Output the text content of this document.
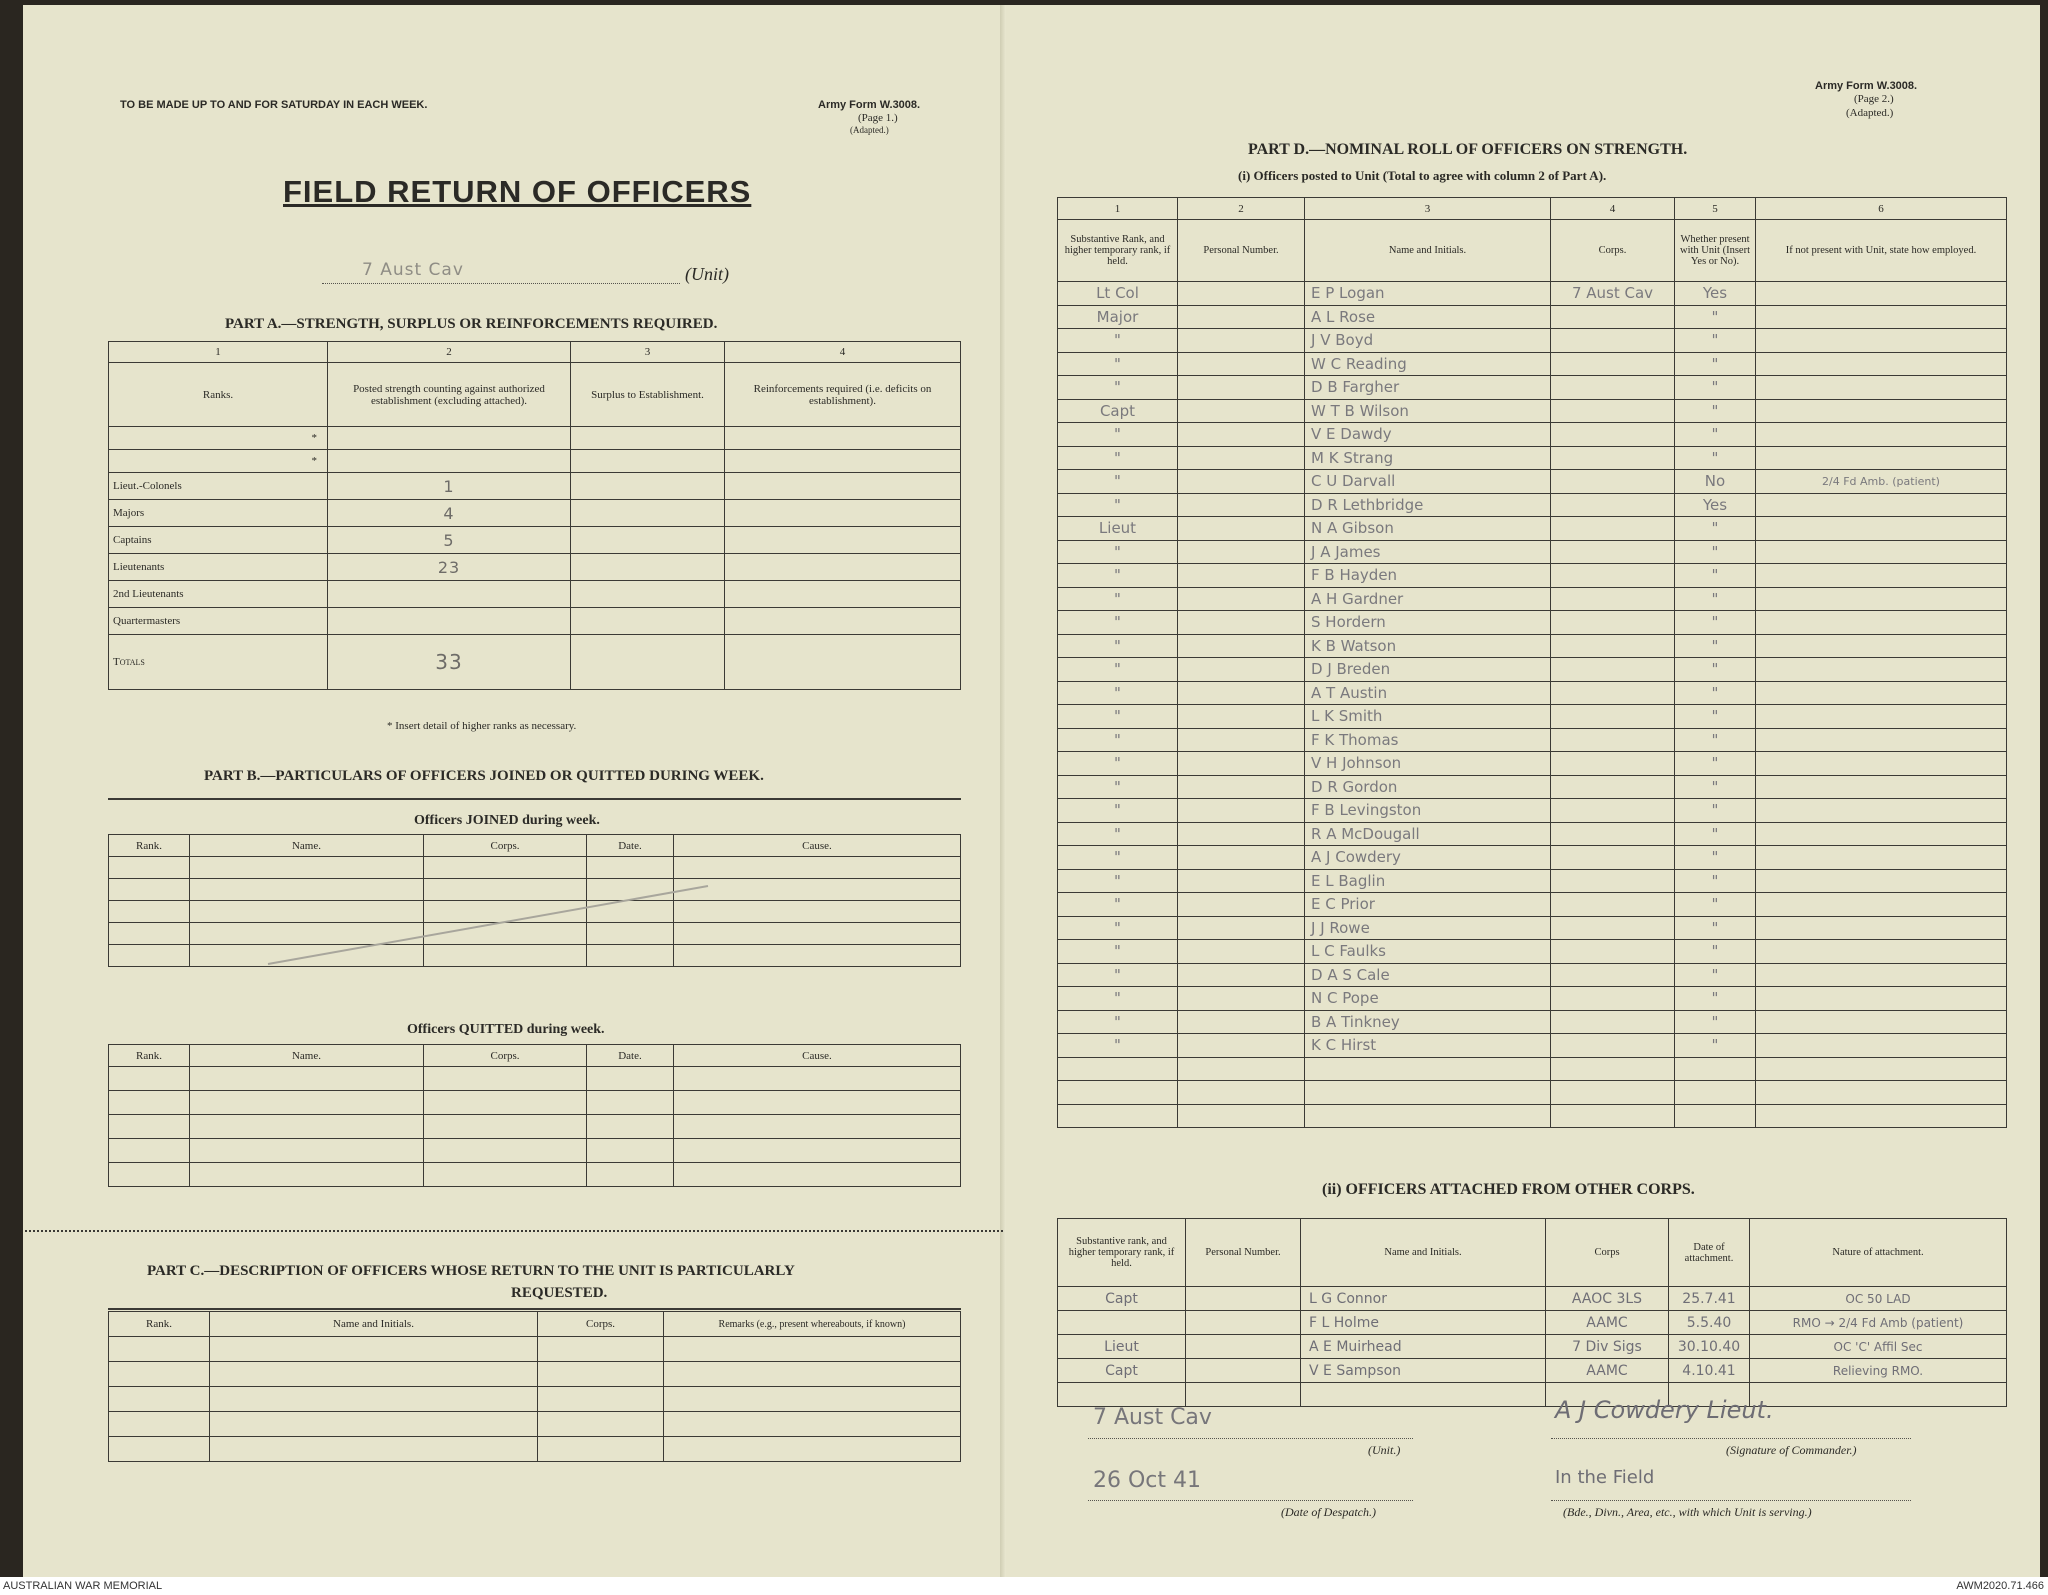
TO BE MADE UP TO AND FOR SATURDAY IN EACH WEEK.	Army Form W.3008.
(Page 1.)
(Adapted.)
FIELD RETURN OF OFFICERS
7 Aust Cav	(Unit)
PART A.—STRENGTH, SURPLUS OR REINFORCEMENTS REQUIRED.
1	2	3	4
Ranks.	Posted strength counting against authorized establishment (excluding attached).	Surplus to Establishment.	Reinforcements required (i.e. deficits on establishment).
*			
*			
Lieut.-Colonels	1		
Majors	4		
Captains	5		
Lieutenants	23		
2nd Lieutenants			
Quartermasters			
Totals	33		
* Insert detail of higher ranks as necessary.
PART B.—PARTICULARS OF OFFICERS JOINED OR QUITTED DURING WEEK.
Officers JOINED during week.
Rank.	Name.	Corps.	Date.	Cause.

Officers QUITTED during week.
Rank.	Name.	Corps.	Date.	Cause.

PART C.—DESCRIPTION OF OFFICERS WHOSE RETURN TO THE UNIT IS PARTICULARLY
REQUESTED.
Rank.	Name and Initials.	Corps.	Remarks (e.g., present whereabouts, if known)

Army Form W.3008.
(Page 2.)
(Adapted.)
PART D.—NOMINAL ROLL OF OFFICERS ON STRENGTH.
(i) Officers posted to Unit (Total to agree with column 2 of Part A).
1	2	3	4	5	6
Substantive Rank, and higher temporary rank, if held.	Personal Number.	Name and Initials.	Corps.	Whether present with Unit (Insert Yes or No).	If not present with Unit, state how employed.
Lt Col		E P Logan	7 Aust Cav	Yes	
Major		A L Rose		"	
"		J V Boyd		"	
"		W C Reading		"	
"		D B Fargher		"	
Capt		W T B Wilson		"	
"		V E Dawdy		"	
"		M K Strang		"	
"		C U Darvall		No	2/4 Fd Amb. (patient)
"		D R Lethbridge		Yes	
Lieut		N A Gibson		"	
"		J A James		"	
"		F B Hayden		"	
"		A H Gardner		"	
"		S Hordern		"	
"		K B Watson		"	
"		D J Breden		"	
"		A T Austin		"	
"		L K Smith		"	
"		F K Thomas		"	
"		V H Johnson		"	
"		D R Gordon		"	
"		F B Levingston		"	
"		R A McDougall		"	
"		A J Cowdery		"	
"		E L Baglin		"	
"		E C Prior		"	
"		J J Rowe		"	
"		L C Faulks		"	
"		D A S Cale		"	
"		N C Pope		"	
"		B A Tinkney		"	
"		K C Hirst		"	

(ii) OFFICERS ATTACHED FROM OTHER CORPS.
Substantive rank, and higher temporary rank, if held.	Personal Number.	Name and Initials.	Corps	Date of attachment.	Nature of attachment.
Capt		L G Connor	AAOC 3LS	25.7.41	OC 50 LAD
		F L Holme	AAMC	5.5.40	RMO → 2/4 Fd Amb (patient)
Lieut		A E Muirhead	7 Div Sigs	30.10.40	OC 'C' Affil Sec
Capt		V E Sampson	AAMC	4.10.41	Relieving RMO.

7 Aust Cav
(Unit.)
A J Cowdery Lieut.
(Signature of Commander.)
26 Oct 41
(Date of Despatch.)
In the Field
(Bde., Divn., Area, etc., with which Unit is serving.)
AUSTRALIAN WAR MEMORIAL	AWM2020.71.466
